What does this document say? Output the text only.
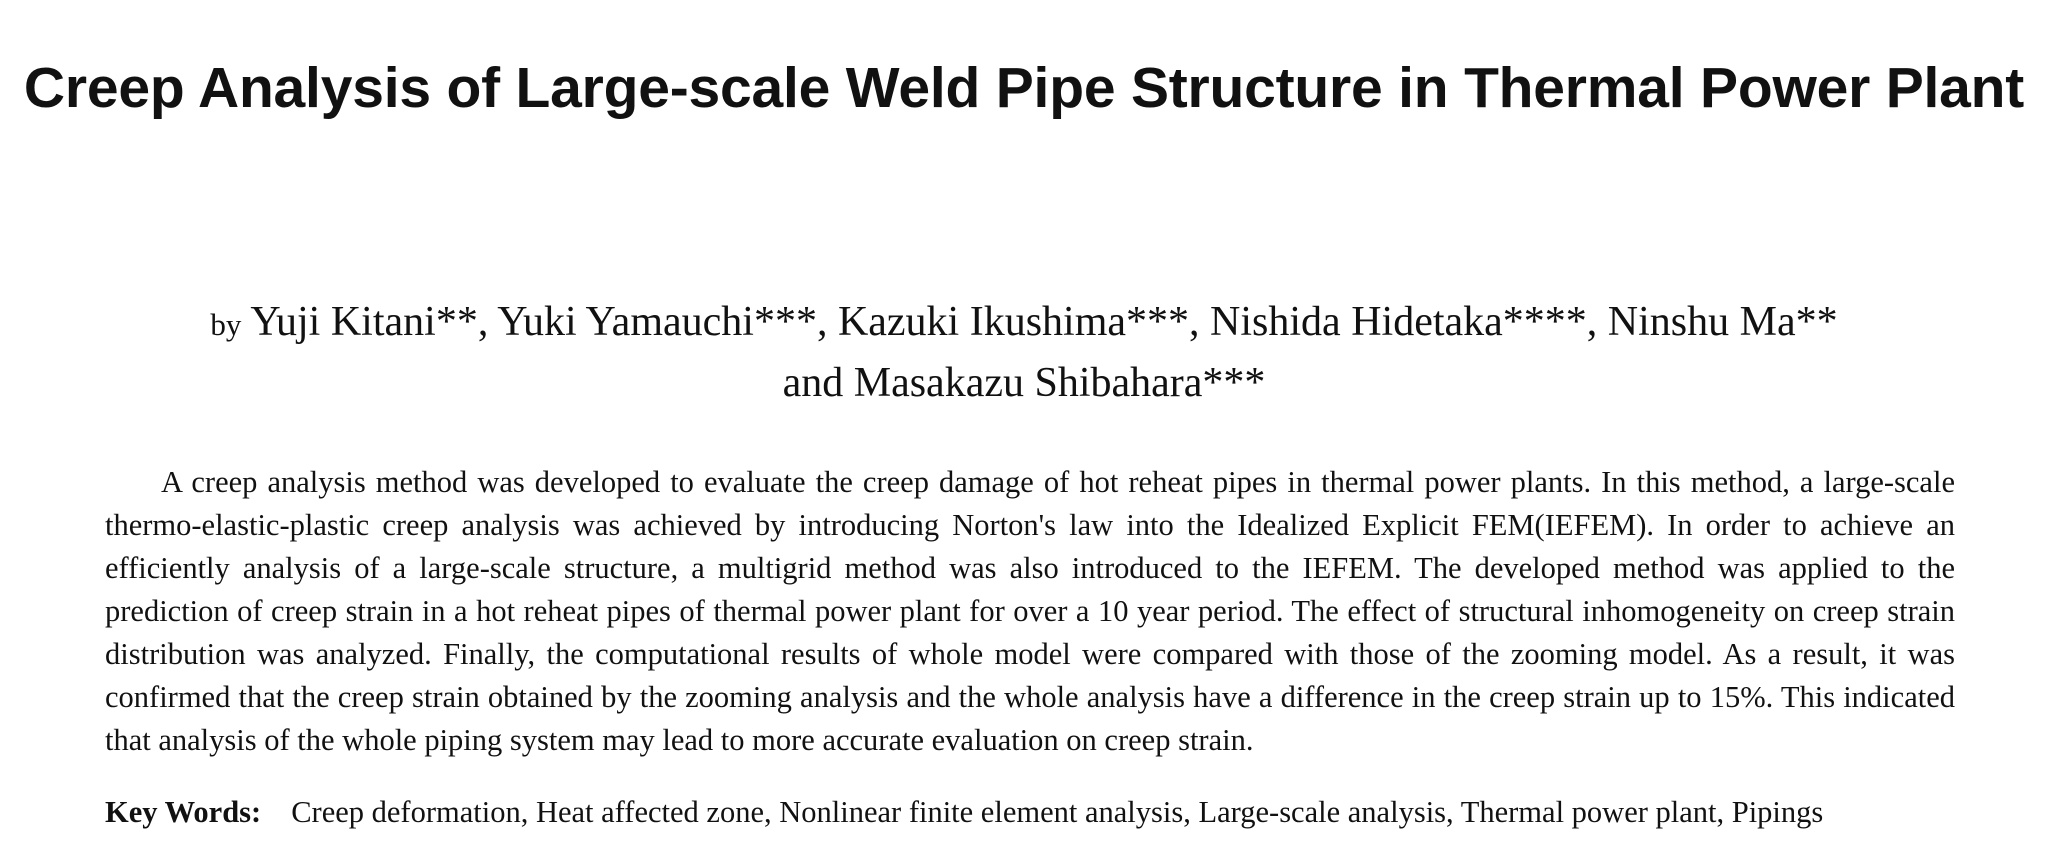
Creep Analysis of Large-scale Weld Pipe Structure in Thermal Power Plant
by Yuji Kitani**, Yuki Yamauchi***, Kazuki Ikushima***, Nishida Hidetaka****, Ninshu Ma**
and Masakazu Shibahara***

A creep analysis method was developed to evaluate the creep damage of hot reheat pipes in thermal power plants. In this method, a large-scale thermo-elastic-plastic creep analysis was achieved by introducing Norton's law into the Idealized Explicit FEM(IEFEM). In order to achieve an efficiently analysis of a large-scale structure, a multigrid method was also introduced to the IEFEM. The developed method was applied to the prediction of creep strain in a hot reheat pipes of thermal power plant for over a 10 year period. The effect of structural inhomogeneity on creep strain distribution was analyzed. Finally, the computational results of whole model were compared with those of the zooming model. As a result, it was confirmed that the creep strain obtained by the zooming analysis and the whole analysis have a difference in the creep strain up to 15%. This indicated that analysis of the whole piping system may lead to more accurate evaluation on creep strain.

Key Words: Creep deformation, Heat affected zone, Nonlinear finite element analysis, Large-scale analysis, Thermal power plant, Pipings
